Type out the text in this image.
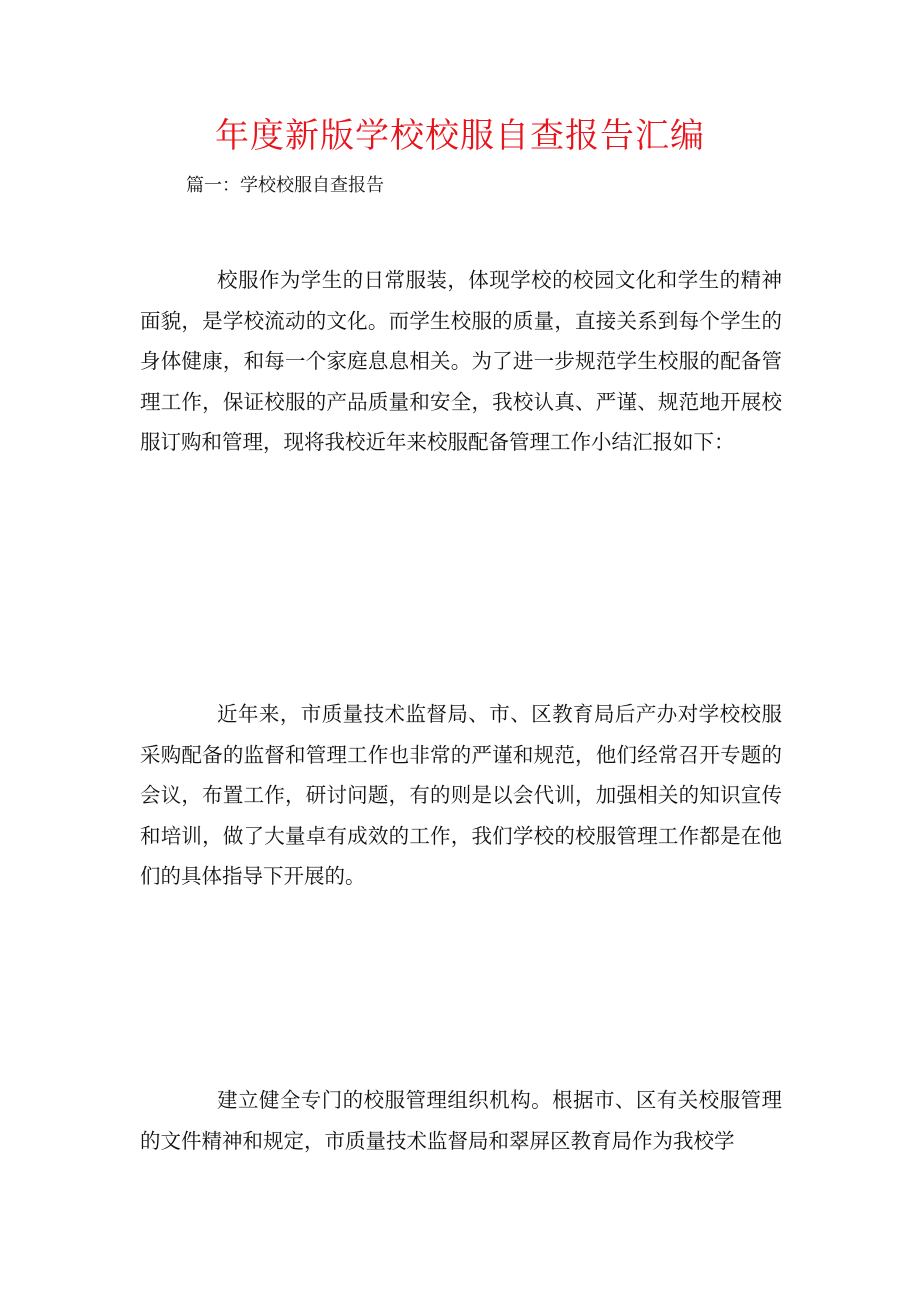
年度新版学校校服自查报告汇编

篇一：学校校服自查报告

校服作为学生的日常服装，体现学校的校园文化和学生的精神面貌，是学校流动的文化。而学生校服的质量，直接关系到每个学生的身体健康，和每一个家庭息息相关。为了进一步规范学生校服的配备管理工作，保证校服的产品质量和安全，我校认真、严谨、规范地开展校服订购和管理，现将我校近年来校服配备管理工作小结汇报如下：

近年来，市质量技术监督局、市、区教育局后产办对学校校服采购配备的监督和管理工作也非常的严谨和规范，他们经常召开专题的会议，布置工作，研讨问题，有的则是以会代训，加强相关的知识宣传和培训，做了大量卓有成效的工作，我们学校的校服管理工作都是在他们的具体指导下开展的。

建立健全专门的校服管理组织机构。根据市、区有关校服管理的文件精神和规定，市质量技术监督局和翠屏区教育局作为我校学
